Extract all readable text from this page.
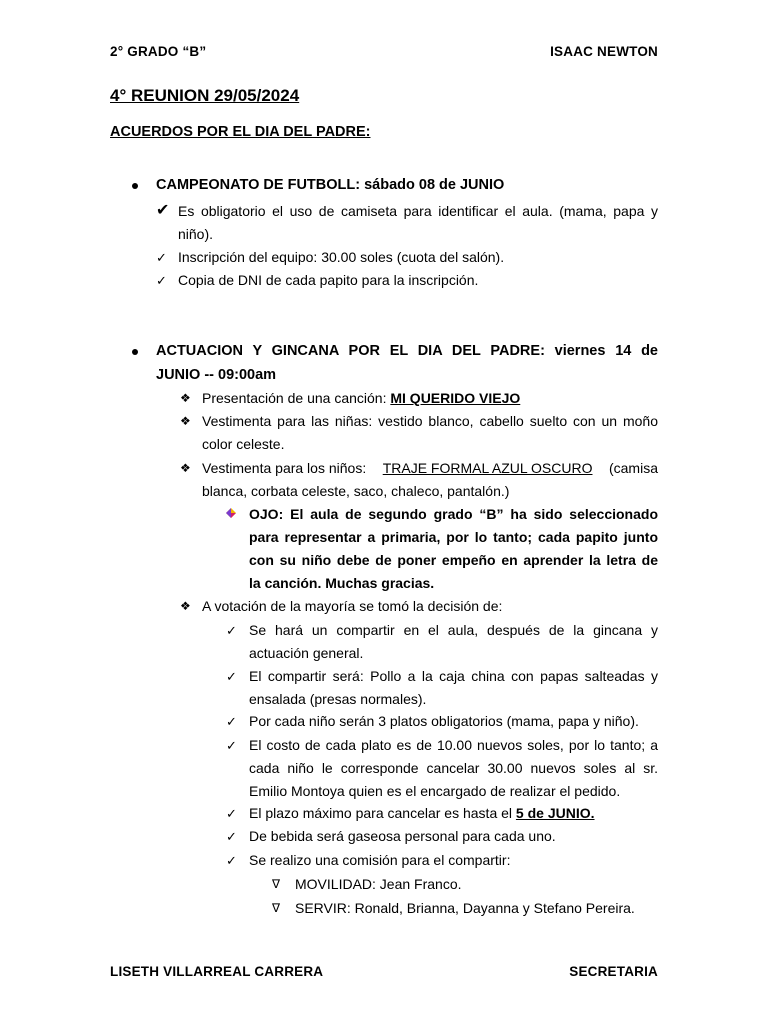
2° GRADO “B”	ISAAC NEWTON
4° REUNION 29/05/2024
ACUERDOS POR EL DIA DEL PADRE:
CAMPEONATO DE FUTBOLL: sábado 08 de JUNIO
✔ Es obligatorio el uso de camiseta para identificar el aula. (mama, papa y
niño).
✓ Inscripción del equipo: 30.00 soles (cuota del salón).
✓ Copia de DNI de cada papito para la inscripción.
ACTUACION Y GINCANA POR EL DIA DEL PADRE: viernes 14 de
JUNIO -- 09:00am
❖ Presentación de una canción: MI QUERIDO VIEJO
❖ Vestimenta para las niñas: vestido blanco, cabello suelto con un moño
color celeste.
❖ Vestimenta para los niños: TRAJE FORMAL AZUL OSCURO (camisa
blanca, corbata celeste, saco, chaleco, pantalón.)
OJO: El aula de segundo grado “B” ha sido seleccionado
para representar a primaria, por lo tanto; cada papito junto
con su niño debe de poner empeño en aprender la letra de
la canción. Muchas gracias.
❖ A votación de la mayoría se tomó la decisión de:
✓ Se hará un compartir en el aula, después de la gincana y
actuación general.
✓ El compartir será: Pollo a la caja china con papas salteadas y
ensalada (presas normales).
✓ Por cada niño serán 3 platos obligatorios (mama, papa y niño).
✓ El costo de cada plato es de 10.00 nuevos soles, por lo tanto; a
cada niño le corresponde cancelar 30.00 nuevos soles al sr.
Emilio Montoya quien es el encargado de realizar el pedido.
✓ El plazo máximo para cancelar es hasta el 5 de JUNIO.
✓ De bebida será gaseosa personal para cada uno.
✓ Se realizo una comisión para el compartir:
∇ MOVILIDAD: Jean Franco.
∇ SERVIR: Ronald, Brianna, Dayanna y Stefano Pereira.
LISETH VILLARREAL CARRERA	SECRETARIA
